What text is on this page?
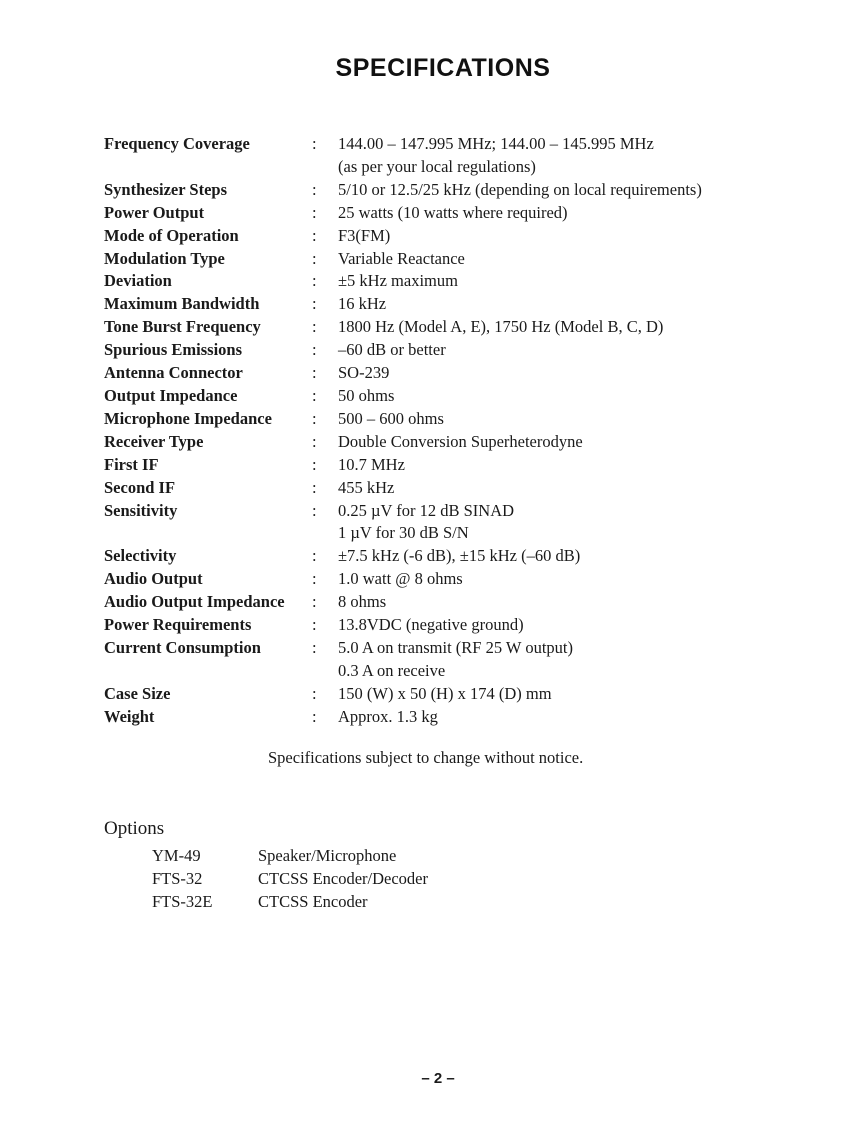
SPECIFICATIONS
Frequency Coverage	:	144.00 – 147.995 MHz; 144.00 – 145.995 MHz
(as per your local regulations)
Synthesizer Steps	:	5/10 or 12.5/25 kHz (depending on local requirements)
Power Output	:	25 watts (10 watts where required)
Mode of Operation	:	F3(FM)
Modulation Type	:	Variable Reactance
Deviation	:	±5 kHz maximum
Maximum Bandwidth	:	16 kHz
Tone Burst Frequency	:	1800 Hz (Model A, E), 1750 Hz (Model B, C, D)
Spurious Emissions	:	–60 dB or better
Antenna Connector	:	SO-239
Output Impedance	:	50 ohms
Microphone Impedance	:	500 – 600 ohms
Receiver Type	:	Double Conversion Superheterodyne
First IF	:	10.7 MHz
Second IF	:	455 kHz
Sensitivity	:	0.25 µV for 12 dB SINAD
1 µV for 30 dB S/N
Selectivity	:	±7.5 kHz (-6 dB), ±15 kHz (–60 dB)
Audio Output	:	1.0 watt @ 8 ohms
Audio Output Impedance	:	8 ohms
Power Requirements	:	13.8VDC (negative ground)
Current Consumption	:	5.0 A on transmit (RF 25 W output)
0.3 A on receive
Case Size	:	150 (W) x 50 (H) x 174 (D) mm
Weight	:	Approx. 1.3 kg
Specifications subject to change without notice.
Options
YM-49	Speaker/Microphone
FTS-32	CTCSS Encoder/Decoder
FTS-32E	CTCSS Encoder
– 2 –
